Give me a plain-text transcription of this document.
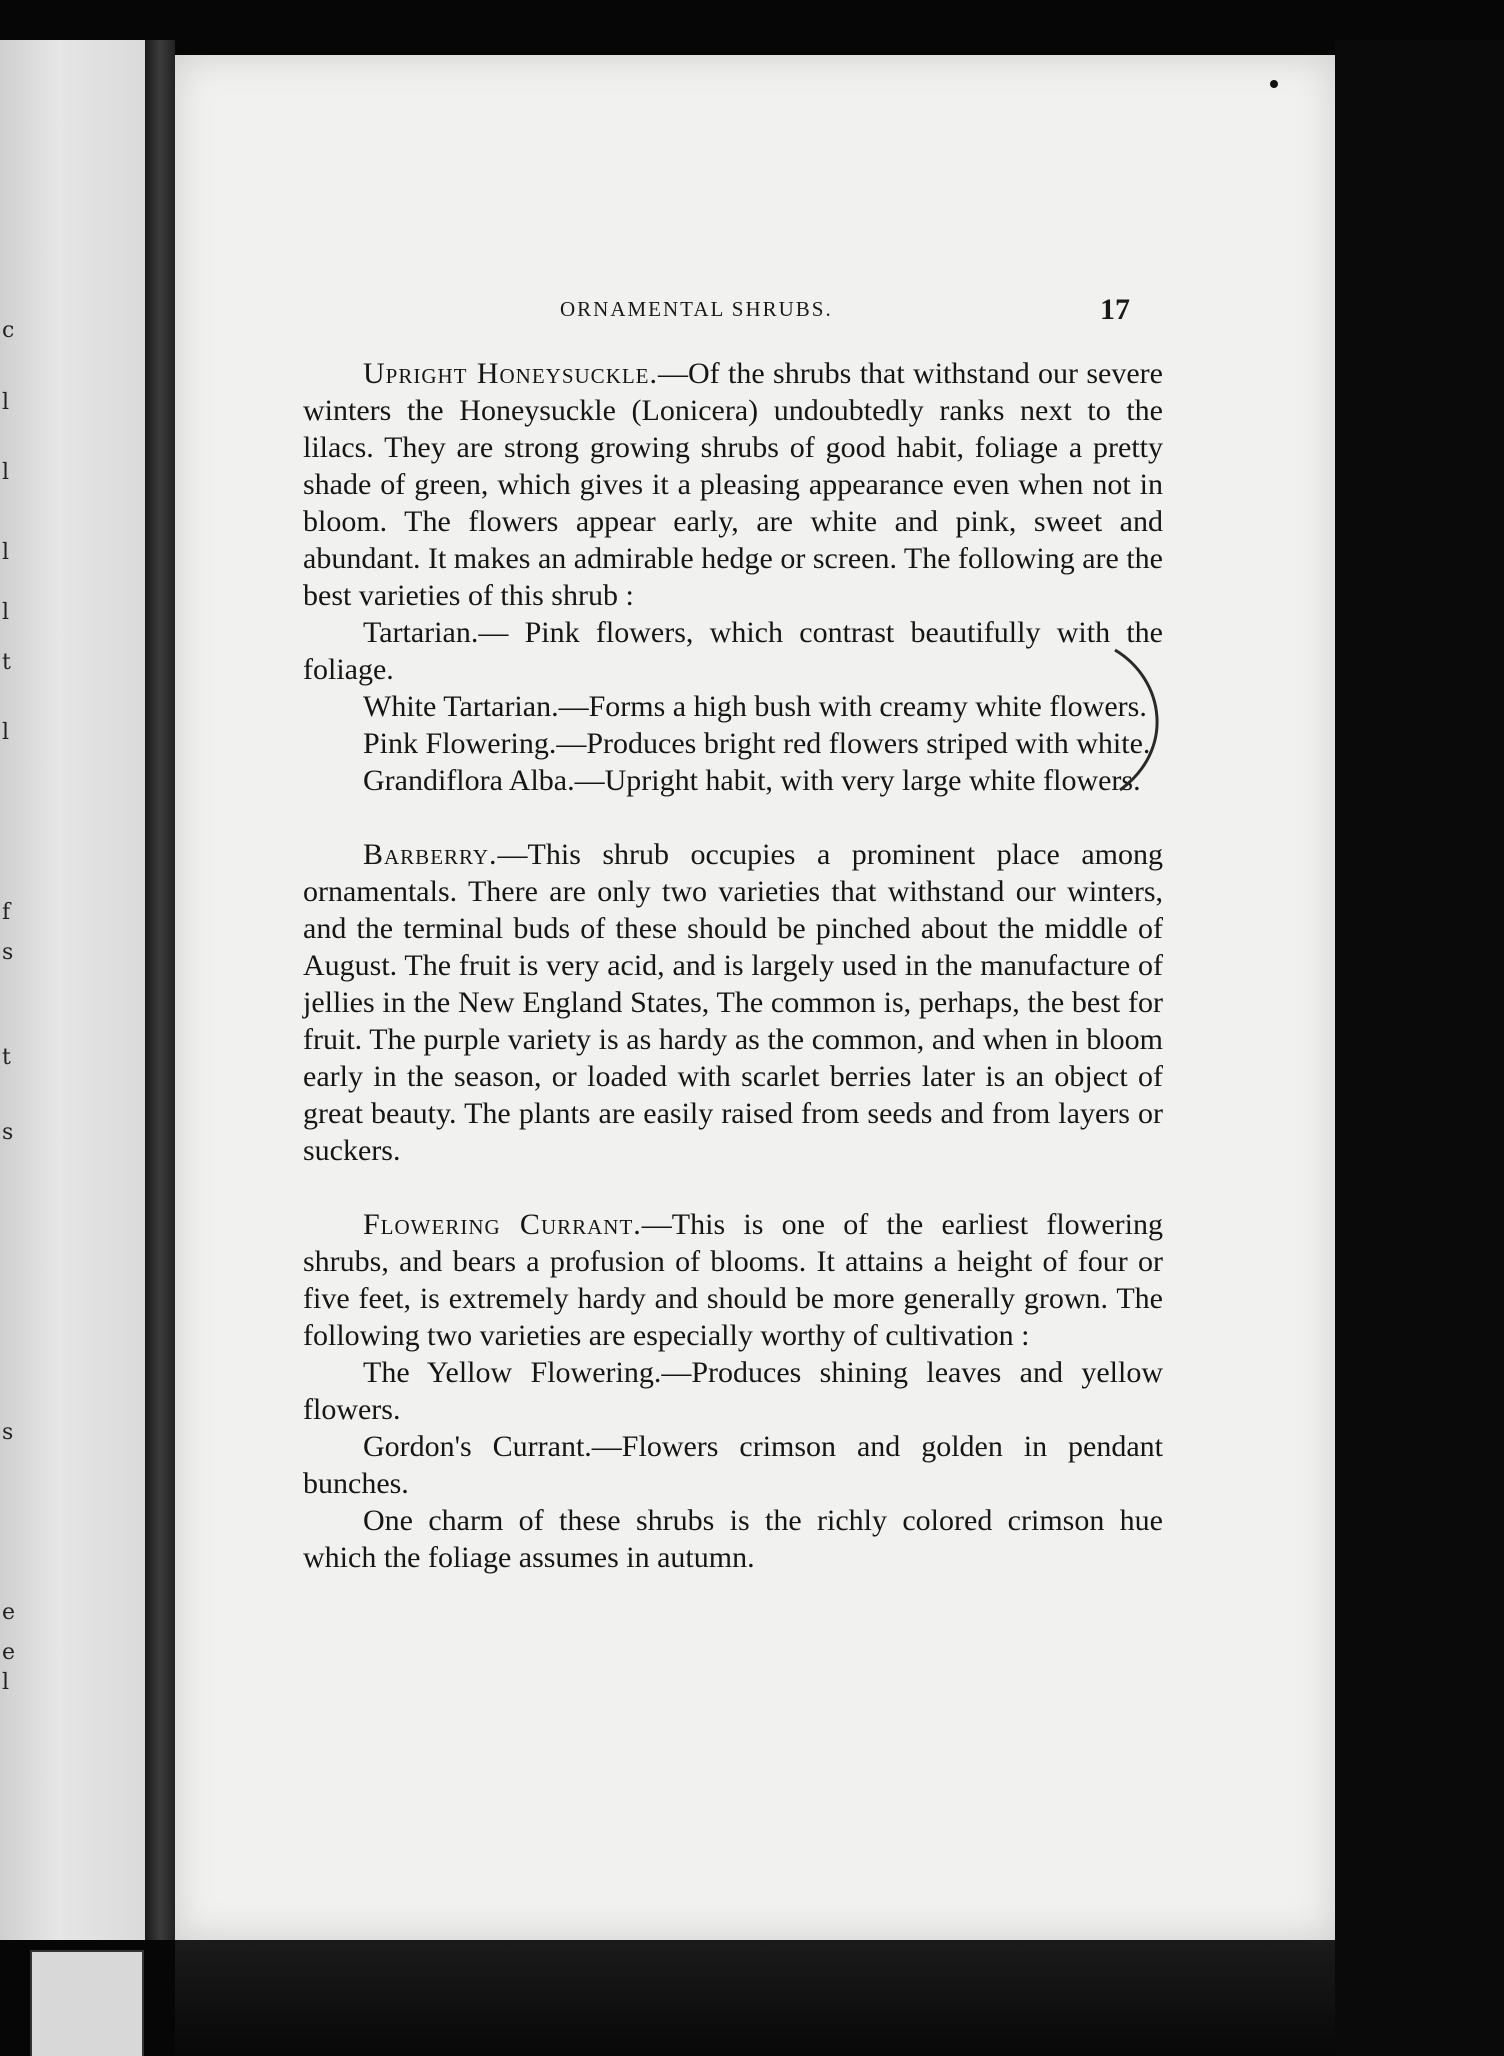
c
l
l
l
l
t
l
f
s
t
s
s
e
e
l
ORNAMENTAL SHRUBS.	17

Upright Honeysuckle.—Of the shrubs that withstand our severe winters the Honeysuckle (Lonicera) undoubtedly ranks next to the lilacs. They are strong growing shrubs of good habit, foliage a pretty shade of green, which gives it a pleasing appearance even when not in bloom. The flowers appear early, are white and pink, sweet and abundant. It makes an admirable hedge or screen. The following are the best varieties of this shrub :

Tartarian.— Pink flowers, which contrast beautifully with the foliage.

White Tartarian.—Forms a high bush with creamy white flowers.

Pink Flowering.—Produces bright red flowers striped with white.

Grandiflora Alba.—Upright habit, with very large white flowers.

Barberry.—This shrub occupies a prominent place among ornamentals. There are only two varieties that withstand our winters, and the terminal buds of these should be pinched about the middle of August. The fruit is very acid, and is largely used in the manufacture of jellies in the New England States, The common is, perhaps, the best for fruit. The purple variety is as hardy as the common, and when in bloom early in the season, or loaded with scarlet berries later is an object of great beauty. The plants are easily raised from seeds and from layers or suckers.

Flowering Currant.—This is one of the earliest flowering shrubs, and bears a profusion of blooms. It attains a height of four or five feet, is extremely hardy and should be more generally grown. The following two varieties are especially worthy of cultivation :

The Yellow Flowering.—Produces shining leaves and yellow flowers.

Gordon's Currant.—Flowers crimson and golden in pendant bunches.

One charm of these shrubs is the richly colored crimson hue which the foliage assumes in autumn.
